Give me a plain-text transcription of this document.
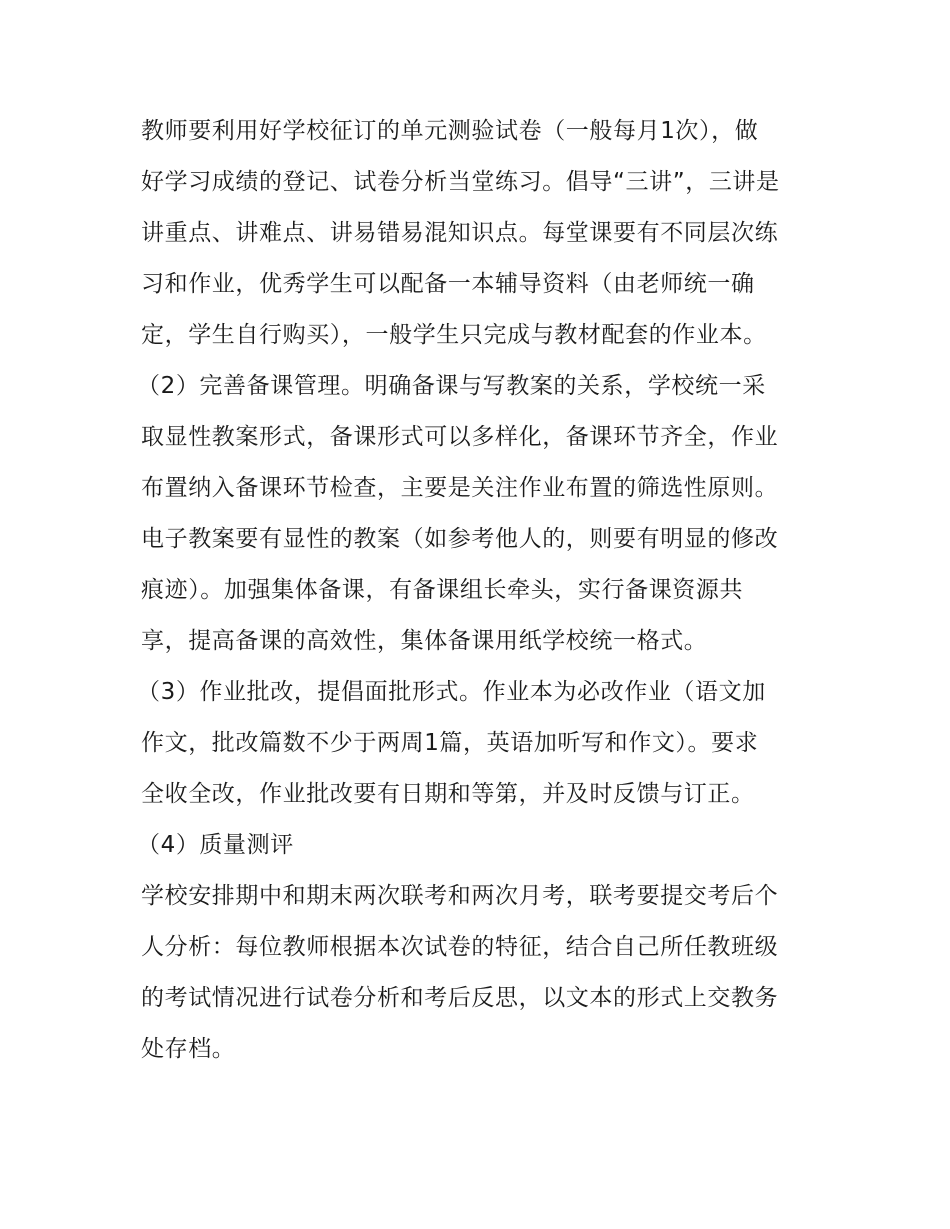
教师要利用好学校征订的单元测验试卷（一般每月1次），做
好学习成绩的登记、试卷分析当堂练习。倡导“三讲”，三讲是
讲重点、讲难点、讲易错易混知识点。每堂课要有不同层次练
习和作业，优秀学生可以配备一本辅导资料（由老师统一确
定，学生自行购买），一般学生只完成与教材配套的作业本。
（2）完善备课管理。明确备课与写教案的关系，学校统一采
取显性教案形式，备课形式可以多样化，备课环节齐全，作业
布置纳入备课环节检查，主要是关注作业布置的筛选性原则。
电子教案要有显性的教案（如参考他人的，则要有明显的修改
痕迹）。加强集体备课，有备课组长牵头，实行备课资源共
享，提高备课的高效性，集体备课用纸学校统一格式。
（3）作业批改，提倡面批形式。作业本为必改作业（语文加
作文，批改篇数不少于两周1篇，英语加听写和作文）。要求
全收全改，作业批改要有日期和等第，并及时反馈与订正。
（4）质量测评
学校安排期中和期末两次联考和两次月考，联考要提交考后个
人分析：每位教师根据本次试卷的特征，结合自己所任教班级
的考试情况进行试卷分析和考后反思，以文本的形式上交教务
处存档。
